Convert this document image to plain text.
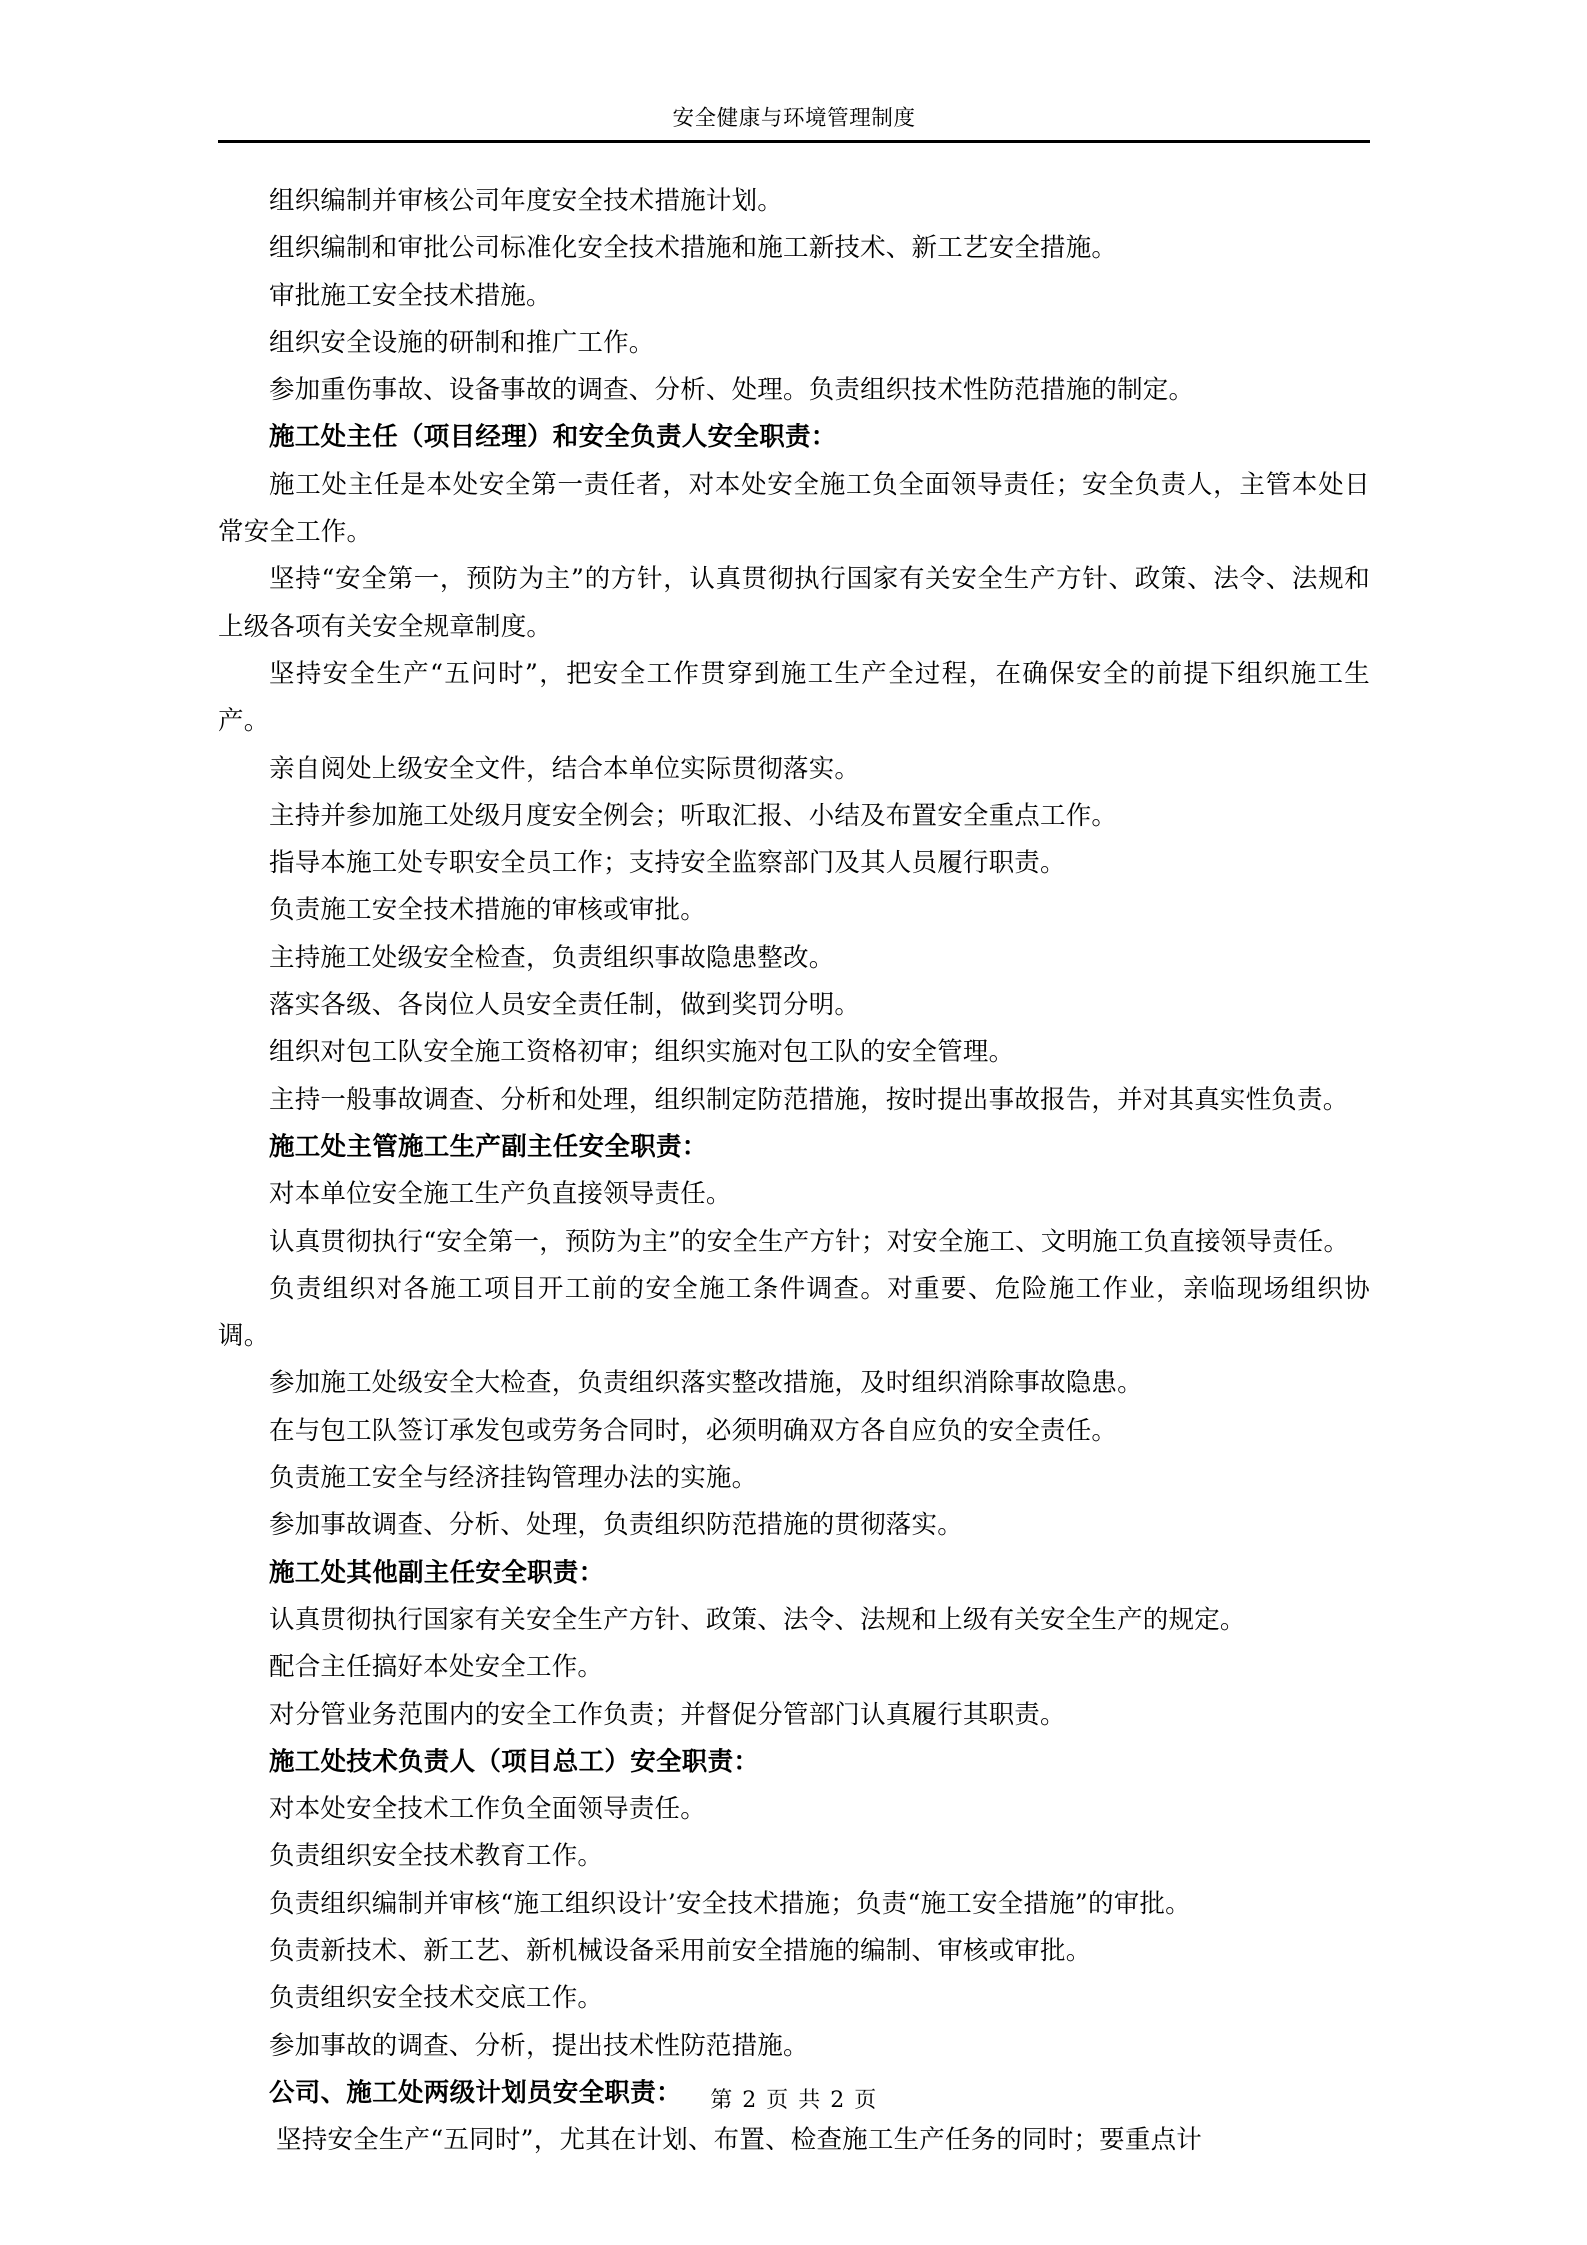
安全健康与环境管理制度

组织编制并审核公司年度安全技术措施计划。

组织编制和审批公司标准化安全技术措施和施工新技术、新工艺安全措施。

审批施工安全技术措施。

组织安全设施的研制和推广工作。

参加重伤事故、设备事故的调查、分析、处理。负责组织技术性防范措施的制定。

施工处主任（项目经理）和安全负责人安全职责：

施工处主任是本处安全第一责任者，对本处安全施工负全面领导责任；安全负责人，主管本处日常安全工作。

坚持“安全第一，预防为主”的方针，认真贯彻执行国家有关安全生产方针、政策、法令、法规和上级各项有关安全规章制度。

坚持安全生产“五问时”，把安全工作贯穿到施工生产全过程，在确保安全的前提下组织施工生产。

亲自阅处上级安全文件，结合本单位实际贯彻落实。

主持并参加施工处级月度安全例会；听取汇报、小结及布置安全重点工作。

指导本施工处专职安全员工作；支持安全监察部门及其人员履行职责。

负责施工安全技术措施的审核或审批。

主持施工处级安全检查，负责组织事故隐患整改。

落实各级、各岗位人员安全责任制，做到奖罚分明。

组织对包工队安全施工资格初审；组织实施对包工队的安全管理。

主持一般事故调查、分析和处理，组织制定防范措施，按时提出事故报告，并对其真实性负责。

施工处主管施工生产副主任安全职责：

对本单位安全施工生产负直接领导责任。

认真贯彻执行“安全第一，预防为主”的安全生产方针；对安全施工、文明施工负直接领导责任。

负责组织对各施工项目开工前的安全施工条件调查。对重要、危险施工作业，亲临现场组织协调。

参加施工处级安全大检查，负责组织落实整改措施，及时组织消除事故隐患。

在与包工队签订承发包或劳务合同时，必须明确双方各自应负的安全责任。

负责施工安全与经济挂钩管理办法的实施。

参加事故调查、分析、处理，负责组织防范措施的贯彻落实。

施工处其他副主任安全职责：

认真贯彻执行国家有关安全生产方针、政策、法令、法规和上级有关安全生产的规定。

配合主任搞好本处安全工作。

对分管业务范围内的安全工作负责；并督促分管部门认真履行其职责。

施工处技术负责人（项目总工）安全职责：

对本处安全技术工作负全面领导责任。

负责组织安全技术教育工作。

负责组织编制并审核“施工组织设计’安全技术措施；负责“施工安全措施”的审批。

负责新技术、新工艺、新机械设备采用前安全措施的编制、审核或审批。

负责组织安全技术交底工作。

参加事故的调查、分析，提出技术性防范措施。

公司、施工处两级计划员安全职责：

坚持安全生产“五同时”，尤其在计划、布置、检查施工生产任务的同时；要重点计

第 2 页 共 2 页
